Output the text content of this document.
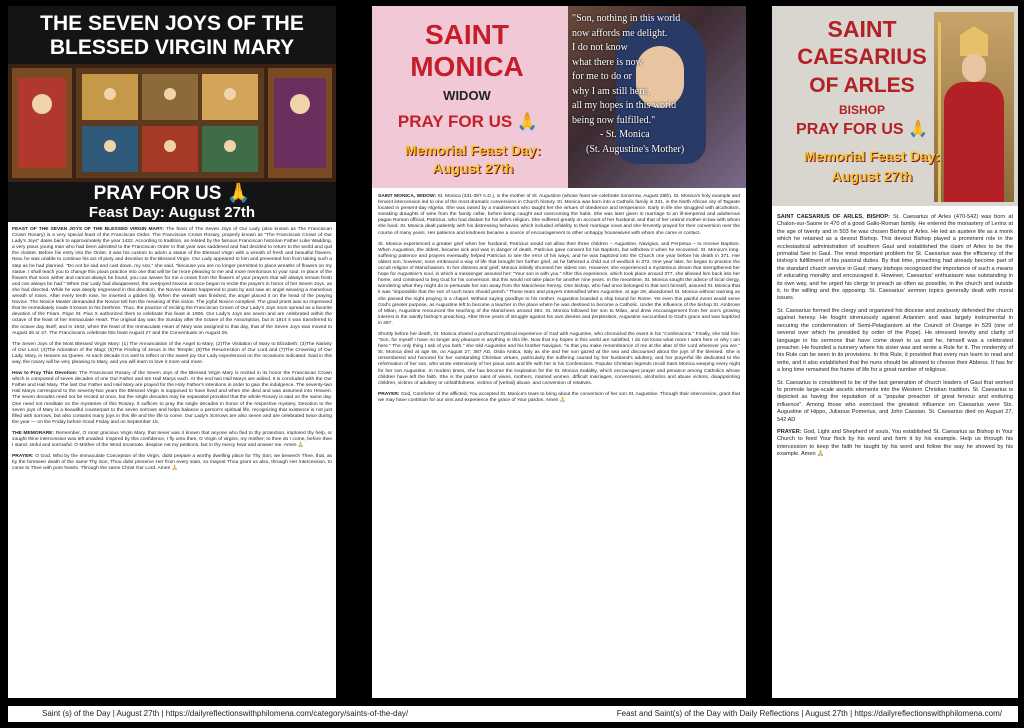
THE SEVEN JOYS OF THE
BLESSED VIRGIN MARY
PRAY FOR US 🙏
Feast Day: August 27th

FEAST OF THE SEVEN JOYS OF THE BLESSED VIRGIN MARY: The feast of The Seven Joys of Our Lady (also known as The Franciscan Crown Rosary) is a very special feast of the Franciscan Order. The Franciscan Crown Rosary, properly known as "The Franciscan Crown of Our Lady's Joys" dates back to approximately the year 1422. According to tradition, as related by the famous Franciscan historian Father Luke Wadding, a very pious young man who had been admitted to the Franciscan Order in that year was saddened and had decided to return to the world and quit the cloister. Before his entry into the Order, it was his custom to adorn a statue of the Blessed Virgin with a wreath of fresh and beautiful flowers. Now, he was unable to continue his act of piety and devotion to the Blessed Virgin. Our Lady appeared to him and prevented him from taking such a step as he had planned. "Do not be sad and cast down, my son," she said, "because you are no longer permitted to place wreaths of flowers on my statue. I shall teach you to change this pious practice into one that will be far more pleasing to me and more meritorious to your soul. In place of the flowers that soon wither and cannot always be found, you can weave for me a crown from the flowers of your prayers that will always remain fresh and can always be had." When Our Lady had disappeared, the overjoyed Novice at once began to recite the prayers in honor of her Seven Joys, as she had directed. While he was deeply engrossed in this devotion, the Novice Master happened to pass by and saw an angel weaving a marvelous wreath of roses. After every tenth rose, he inserted a golden lily. When the wreath was finished, the angel placed it on the head of the praying Novice. The Novice Master demanded the Novice tell him the meaning of this vision. The joyful Novice complied. The good priest was so impressed that he immediately made it known to his brethren. Thus, the practice of reciting the Franciscan Crown of Our Lady's Joys soon spread as a favorite devotion of the Friars. Pope St. Pius X authorized them to celebrate this feast in 1906. Our Lady's Joys are seven and are celebrated within the octave of the feast of her Immaculate Heart. The original day was the Sunday after the octave of the Assumption, but in 1914 it was transferred to the octave day itself; and in 1942, when the feast of the Immaculate Heart of Mary was assigned to that day, that of the Seven Joys was moved to August 26 or 27. The Franciscans celebrate this feast August 27 and the Conventuals on August 26.

The Seven Joys of the Most Blessed Virgin Mary: (1) The Annunciation of the Angel to Mary; (2)The Visitation of Mary to Elizabeth; (3)The Nativity of Our Lord; (4)The Adoration of the Magi; (5)The Finding of Jesus in the Temple; (6)The Resurrection of Our Lord and (7)The Crowning of Our Lady, Mary, in Heaven as Queen. At each decade it is well to reflect on the sweet joy Our Lady experienced on the occasions indicated. Said in this way, the rosary will be very pleasing to Mary, and you will learn to love it more and more.

How to Pray This Devotion: The Franciscan Rosary of the Seven Joys of the Blessed Virgin Mary is recited in its honor the Franciscan Crown which is composed of seven decades of one Our Father and ten Hail Marys each. At the end two Hail Marys are added. It is concluded with the Our Father and Hail Mary. The last Our Father and Hail Mary are prayed for the Holy Father's intentions in order to gain the indulgence. The seventy-two Hail Marys correspond to the seventy-two years the Blessed Virgin is supposed to have lived and when she died and was assumed into Heaven. The seven decades need not be recited at once, but the single decades may be separated provided that the whole Rosary is said on the same day. One need not meditate on the mysteries of this Rosary. It suffices to pray the single decades in honor of the respective mystery. Devotion to the seven joys of Mary is a beautiful counterpart to the seven sorrows and helps balance a person's spiritual life, recognizing that existence is not just filled with sorrows, but also contains many joys in this life and the life to come. Our Lady's Sorrows are also seven and are celebrated twice during the year — on the Friday before Good Friday and on September 15.

THE MEMORARE: Remember, O most gracious Virgin Mary, that never was it known that anyone who fled to thy protection, implored thy help, or sought thine intercession was left unaided. Inspired by this confidence, I fly unto thee, O Virgin of virgins, my mother; to thee do I come, before thee I stand, sinful and sorrowful. O Mother of the Word Incarnate, despise not my petitions, but in thy mercy hear and answer me. Amen 🙏

PRAYER: O God, Who by the Immaculate Conception of the Virgin, didst prepare a worthy dwelling place for Thy Son; we beseech Thee, that, as by the foreseen death of the same Thy Son, Thou didst preserve Her from every stain, so mayest Thou grant us also, through Her intercession, to come to Thee with pure hearts. Through the same Christ Our Lord. Amen 🙏

"Son, nothing in this world
now affords me delight.
I do not know
what there is now
for me to do or
why I am still here,
all my hopes in this world
being now fulfilled."
- St. Monica
(St. Augustine's Mother)
SAINT
MONICA
WIDOW
PRAY FOR US 🙏
Memorial Feast Day:
August 27th

SAINT MONICA, WIDOW: St. Monica (331-387 A.D.), is the mother of St. Augustine (whose feast we celebrate tomorrow, August 28th). St. Monica's holy example and fervent intercession led to one of the most dramatic conversions in Church history. St. Monica was born into a Catholic family in 331, in the North African city of Tagaste located in present-day Algeria. She was raised by a maidservant who taught her the virtues of obedience and temperance. Early in life she struggled with alcoholism, sneaking draughts of wine from the family cellar, before being caught and overcoming the habit. She was later given in marriage to an ill-tempered and adulterous pagan Roman official, Patricius, who had disdain for his wife's religion. She suffered greatly on account of her husband, and that of her unkind mother-in-law with whom she lived. St. Monica dealt patiently with his distressing behavior, which included infidelity to their marriage vows and she fervently prayed for their conversion over the course of many years. Her patience and kindness became a source of encouragement to other unhappy housewives with whom she came in contact.

St. Monica experienced a greater grief when her husband, Patricius would not allow their three children – Augustine, Navigius, and Perpetua – to receive Baptism. When Augustine, the oldest, became sick and was in danger of death, Patricius gave consent for his Baptism, but withdrew it when he recovered. St. Monica's long-suffering patience and prayers eventually helped Patricius to see the error of his ways, and he was baptized into the Church one year before his death in 371. Her oldest son, however, soon embraced a way of life that brought her further grief, as he fathered a child out of wedlock in 372. One year later, he began to practice the occult religion of Manichaeism. In her distress and grief, Monica initially shunned her oldest son. However, she experienced a mysterious dream that strengthened her hope for Augustine's soul, in which a messenger assured her: "Your son is with you." After this experience, which took place around 377, she allowed him back into her home, and continued to beg God for his conversion. But this would not take place for another nine years. In the meantime, St. Monica sought the advice of local clergy, wondering what they might do to persuade her son away from the Manichean heresy. One bishop, who had once belonged to that sect himself, assured St. Monica that it was "impossible that the son of such tears should perish." These tears and prayers intensified when Augustine, at age 29, abandoned St. Monica without warning as she passed the night praying in a chapel. Without saying goodbye to his mother, Augustine boarded a ship bound for Rome. Yet even this painful event would serve God's greater purpose, as Augustine left to become a teacher in the place where he was destined to become a Catholic. Under the influence of the bishop St. Ambrose of Milan, Augustine renounced the teaching of the Manichees around 384. St. Monica followed her son to Milan, and drew encouragement from her son's growing interest in the saintly bishop's preaching. After three years of struggle against his own desires and perplexities, Augustine succumbed to God's grace and was baptized in 387.

Shortly before her death, St. Monica shared a profound mystical experience of God with Augustine, who chronicled the event in his "Confessions." Finally, she told him: "Son, for myself I have no longer any pleasure in anything in this life. Now that my hopes in this world are satisfied, I do not know what more I want here or why I am here." The only thing I ask of you both," she told Augustine and his brother Navigius, "is that you make remembrance of me at the altar of the Lord wherever you are." St. Monica died at age 56, on August 27, 387 AD, Ostia Antica, Italy as she and her son gazed at the sea and discoursed about the joys of the blessed. She is remembered and honored for her outstanding Christian virtues, particularly the suffering caused by her husband's adultery, and her prayerful life dedicated to the reformation of her son, who wrote extensively of her pious acts and life with her in his Confessions. Popular Christian legends recall Saint Monica weeping every night for her son Augustine. In modern times, she has become the inspiration for the St. Monica Sodality, which encourages prayer and penance among Catholics whose children have left the faith. She is the patron saint of wives, mothers, married women, difficult marriages, conversions, alcoholics and abuse victims, disappointing children, victims of adultery or unfaithfulness, victims of (verbal) abuse, and conversion of relatives.

PRAYER: God, Comforter of the afflicted, You accepted St. Monica's tears to bring about the conversion of her son St. Augustine. Through their intercession, grant that we may have contrition for our sins and experience the grace of Your pardon. Amen 🙏

SAINT
CAESARIUS
OF ARLES
BISHOP
PRAY FOR US 🙏
Memorial Feast Day:
August 27th

SAINT CAESARIUS OF ARLES, BISHOP: St. Caesarius of Arles (470-542) was born at Chalon-sur-Saone in 470 of a good Gallo-Roman family. He entered the monastery of Lerins at the age of twenty and in 503 he was chosen Bishop of Arles. He led an austere life as a monk which he retained as a devout Bishop. This devout Bishop played a prominent role in the ecclesiastical administration of southern Gaul and established the claim of Arles to be the primatial See in Gaul. The most important problem for St. Caesarius was the efficiency of the bishop's fulfillment of his pastoral duties. By that time, preaching had already become part of the standard church service in Gaul; many bishops recognized the importance of such a means of educating morality and encouraged it. However, Caesarius' enthusiasm was outstanding in its own way, and he urged his clergy to preach as often as possible, in the church and outside it, to the willing and the opposing. St. Caesarius' sermon topics generally dealt with moral issues.

St. Caesarius formed the clergy and organized his diocese and zealously defended the church against heresy. He fought strenuously against Arianism and was largely instrumental in securing the condemnation of Semi-Pelagianism at the Council of Orange in 529 (one of several over which he presided by order of the Pope). He stressed brevity and clarity of language in his sermons that have come down to us and he, himself was a celebrated preacher. He founded a nunnery where his sister was and wrote a Rule for it. The modernity of his Rule can be seen in its provisions. In this Rule, it provided that every nun learn to read and write, and it also established that the nuns should be allowed to choose their Abbess. It has for a long time remained the frame of life for a great number of religious.

St. Caesarius is considered to be of the last generation of church leaders of Gaul that worked to promote large-scale ascetic elements into the Western Christian tradition. St. Caesarius is depicted as having the reputation of a "popular preacher of great fervour and enduring influence". Among those who exercised the greatest influence on Caesarius were Sts. Augustine of Hippo, Julianus Pomerius, and John Cassian. St. Caesarius died on August 27, 542 AD

PRAYER: God, Light and Shepherd of souls, You established St. Caesarius as Bishop in Your Church to feed Your flock by his word and form it by his example. Help us through his intercession to keep the faith he taught by his word and follow the way he showed by his example. Amen 🙏

Saint (s) of the Day | August 27th | https://dailyreflectionswithphilomena.com/category/saints-of-the-day/	Feast and Saint(s) of the Day with Daily Reflections | August 27th | https://dailyreflectionswithphilomena.com/
